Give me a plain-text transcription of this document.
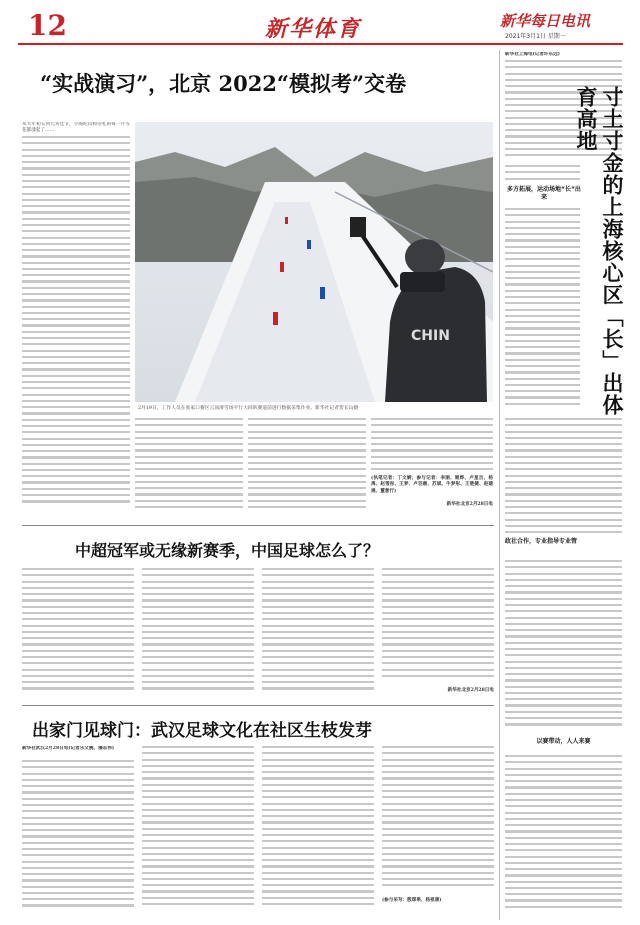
12	新华体育	新华每日电讯
2021年3月1日 星期一
新华社上海电(记者许东远)
“实战演习”，北京 2022“模拟考”交卷
从大年初五到元宵佳节，小海陀山和崇礼的每一片雪花都漾起了……
CHIN
2月19日，工作人员在张家口赛区云顶滑雪场平行大回转赛道前进行数据采集作业。新华社记者贺长山摄
(执笔记者：丁文娴；参与记者：李丽、姬烨、卢星吉、杨禹、赵雪彤、王梦、卢羽晨、苏斌、牛梦彤、王楚捷、赵建通、董意行)
新华社北京2月28日电
中超冠军或无缘新赛季，中国足球怎么了？
新华社北京2月28日电
出家门见球门：武汉足球文化在社区生枝发芽
新华社武汉2月28日电(记者乐文婉、潘志伟)
(参与采写：殷琛果、杨祖康)
寸土寸金的上海核心区「长」出体育高地
多方拓展，运动场地“长”出来
政社合作，专业指导专业管
以赛带动，人人来赛
